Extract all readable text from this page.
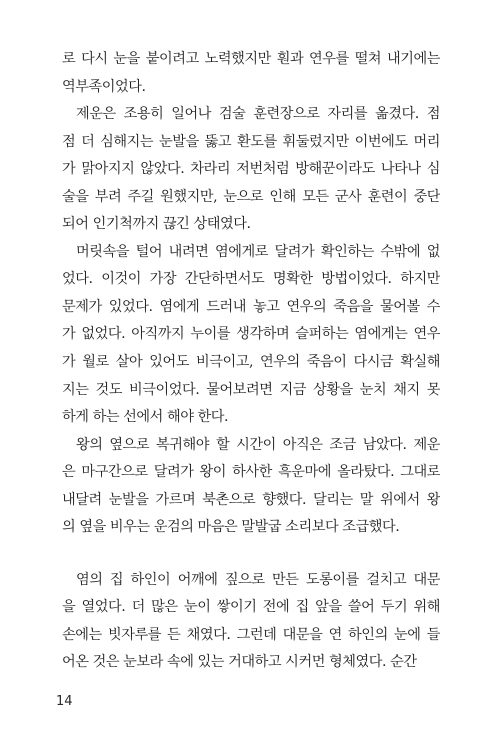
로 다시 눈을 붙이려고 노력했지만 훤과 연우를 떨쳐 내기에는
역부족이었다.
제운은 조용히 일어나 검술 훈련장으로 자리를 옮겼다. 점
점 더 심해지는 눈발을 뚫고 환도를 휘둘렀지만 이번에도 머리
가 맑아지지 않았다. 차라리 저번처럼 방해꾼이라도 나타나 심
술을 부려 주길 원했지만, 눈으로 인해 모든 군사 훈련이 중단
되어 인기척까지 끊긴 상태였다.
머릿속을 털어 내려면 염에게로 달려가 확인하는 수밖에 없
었다. 이것이 가장 간단하면서도 명확한 방법이었다. 하지만
문제가 있었다. 염에게 드러내 놓고 연우의 죽음을 물어볼 수
가 없었다. 아직까지 누이를 생각하며 슬퍼하는 염에게는 연우
가 월로 살아 있어도 비극이고, 연우의 죽음이 다시금 확실해
지는 것도 비극이었다. 물어보려면 지금 상황을 눈치 채지 못
하게 하는 선에서 해야 한다.
왕의 옆으로 복귀해야 할 시간이 아직은 조금 남았다. 제운
은 마구간으로 달려가 왕이 하사한 흑운마에 올라탔다. 그대로
내달려 눈발을 가르며 북촌으로 향했다. 달리는 말 위에서 왕
의 옆을 비우는 운검의 마음은 말발굽 소리보다 조급했다.
염의 집 하인이 어깨에 짚으로 만든 도롱이를 걸치고 대문
을 열었다. 더 많은 눈이 쌓이기 전에 집 앞을 쓸어 두기 위해
손에는 빗자루를 든 채였다. 그런데 대문을 연 하인의 눈에 들
어온 것은 눈보라 속에 있는 거대하고 시커먼 형체였다. 순간
14
